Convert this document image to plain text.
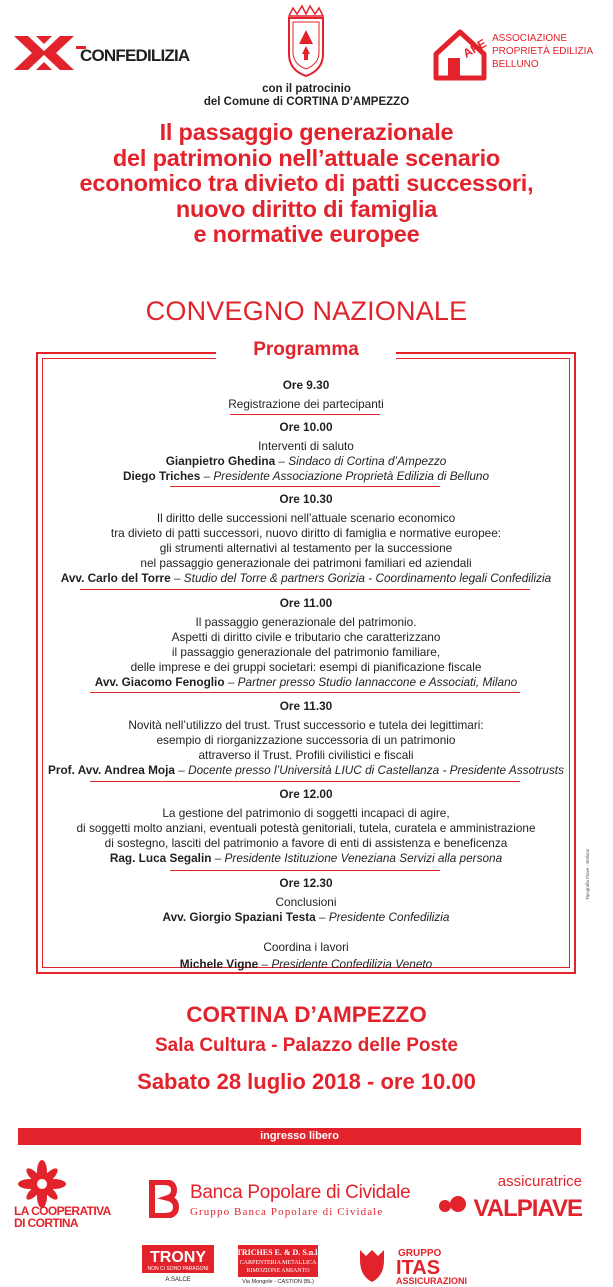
CONFEDILIZIA
con il patrocinio
del Comune di CORTINA D’AMPEZZO
APE ASSOCIAZIONE
PROPRIETÀ EDILIZIA
BELLUNO
Il passaggio generazionale
del patrimonio nell’attuale scenario
economico tra divieto di patti successori,
nuovo diritto di famiglia
e normative europee
CONVEGNO NAZIONALE
Programma
Ore 9.30
Registrazione dei partecipanti
Ore 10.00
Interventi di saluto
Gianpietro Ghedina – Sindaco di Cortina d’Ampezzo
Diego Triches – Presidente Associazione Proprietà Edilizia di Belluno
Ore 10.30
Il diritto delle successioni nell’attuale scenario economico
tra divieto di patti successori, nuovo diritto di famiglia e normative europee:
gli strumenti alternativi al testamento per la successione
nel passaggio generazionale dei patrimoni familiari ed aziendali
Avv. Carlo del Torre – Studio del Torre & partners Gorizia - Coordinamento legali Confedilizia
Ore 11.00
Il passaggio generazionale del patrimonio.
Aspetti di diritto civile e tributario che caratterizzano
il passaggio generazionale del patrimonio familiare,
delle imprese e dei gruppi societari: esempi di pianificazione fiscale
Avv. Giacomo Fenoglio – Partner presso Studio Iannaccone e Associati, Milano
Ore 11.30
Novità nell’utilizzo del trust. Trust successorio e tutela dei legittimari:
esempio di riorganizzazione successoria di un patrimonio
attraverso il Trust. Profili civilistici e fiscali
Prof. Avv. Andrea Moja – Docente presso l’Università LIUC di Castellanza - Presidente Assotrusts
Ore 12.00
La gestione del patrimonio di soggetti incapaci di agire,
di soggetti molto anziani, eventuali potestà genitoriali, tutela, curatela e amministrazione
di sostegno, lasciti del patrimonio a favore di enti di assistenza e beneficenza
Rag. Luca Segalin – Presidente Istituzione Veneziana Servizi alla persona
Ore 12.30
Conclusioni
Avv. Giorgio Spaziani Testa – Presidente Confedilizia
Coordina i lavori
Michele Vigne – Presidente Confedilizia Veneto
Tipografia Piave - Belluno
CORTINA D’AMPEZZO
Sala Cultura - Palazzo delle Poste
Sabato 28 luglio 2018 - ore 10.00
ingresso libero
LA COOPERATIVA
DI CORTINA
Banca Popolare di Cividale
Gruppo Banca Popolare di Cividale
assicuratrice
VALPIAVE
TRONY
NON CI SONO PARAGONI
A.SALCE
TRICHES E. & D. S.n.l.
CARPENTERIA METALLICA
RIMOZIONE AMIANTO
Via Mongole - CASTION (BL)
GRUPPO
ITAS
ASSICURAZIONI
